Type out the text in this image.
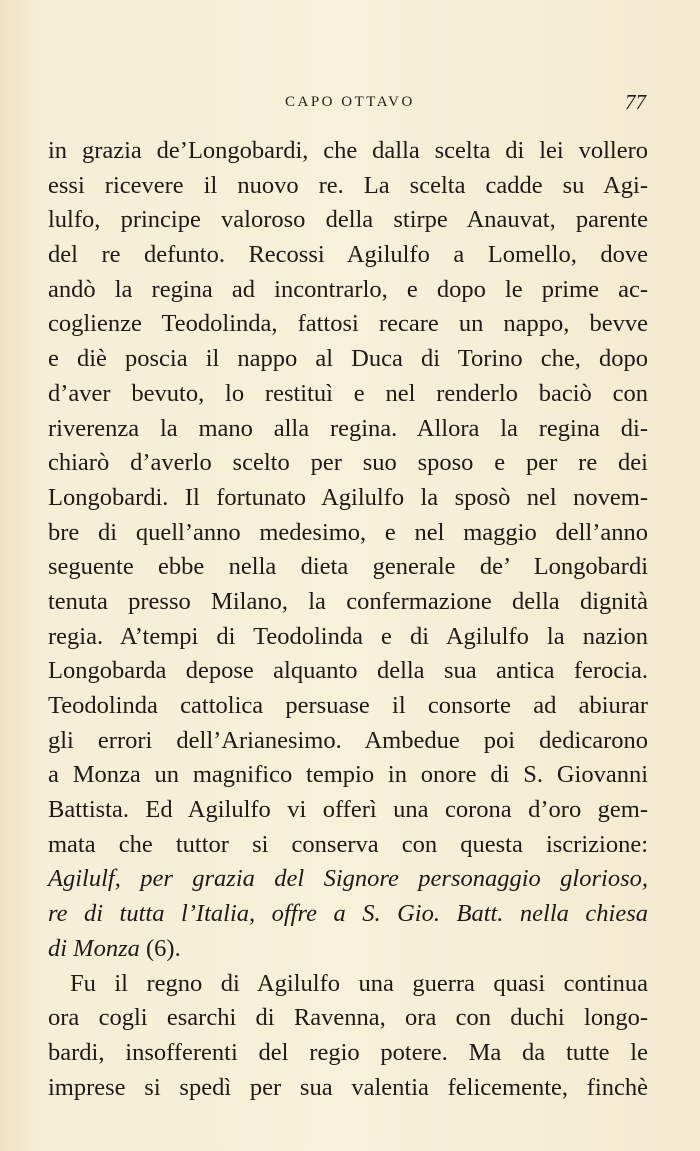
CAPO OTTAVO	77
in grazia de’Longobardi, che dalla scelta di lei vollero
essi ricevere il nuovo re. La scelta cadde su Agi-
lulfo, principe valoroso della stirpe Anauvat, parente
del re defunto. Recossi Agilulfo a Lomello, dove
andò la regina ad incontrarlo, e dopo le prime ac-
coglienze Teodolinda, fattosi recare un nappo, bevve
e diè poscia il nappo al Duca di Torino che, dopo
d’aver bevuto, lo restituì e nel renderlo baciò con
riverenza la mano alla regina. Allora la regina di-
chiarò d’averlo scelto per suo sposo e per re dei
Longobardi. Il fortunato Agilulfo la sposò nel novem-
bre di quell’anno medesimo, e nel maggio dell’anno
seguente ebbe nella dieta generale de’ Longobardi
tenuta presso Milano, la confermazione della dignità
regia. A’tempi di Teodolinda e di Agilulfo la nazion
Longobarda depose alquanto della sua antica ferocia.
Teodolinda cattolica persuase il consorte ad abiurar
gli errori dell’Arianesimo. Ambedue poi dedicarono
a Monza un magnifico tempio in onore di S. Giovanni
Battista. Ed Agilulfo vi offerì una corona d’oro gem-
mata che tuttor si conserva con questa iscrizione:
Agilulf, per grazia del Signore personaggio glorioso,
re di tutta l’Italia, offre a S. Gio. Batt. nella chiesa
di Monza (6).
Fu il regno di Agilulfo una guerra quasi continua
ora cogli esarchi di Ravenna, ora con duchi longo-
bardi, insofferenti del regio potere. Ma da tutte le
imprese si spedì per sua valentia felicemente, finchè
